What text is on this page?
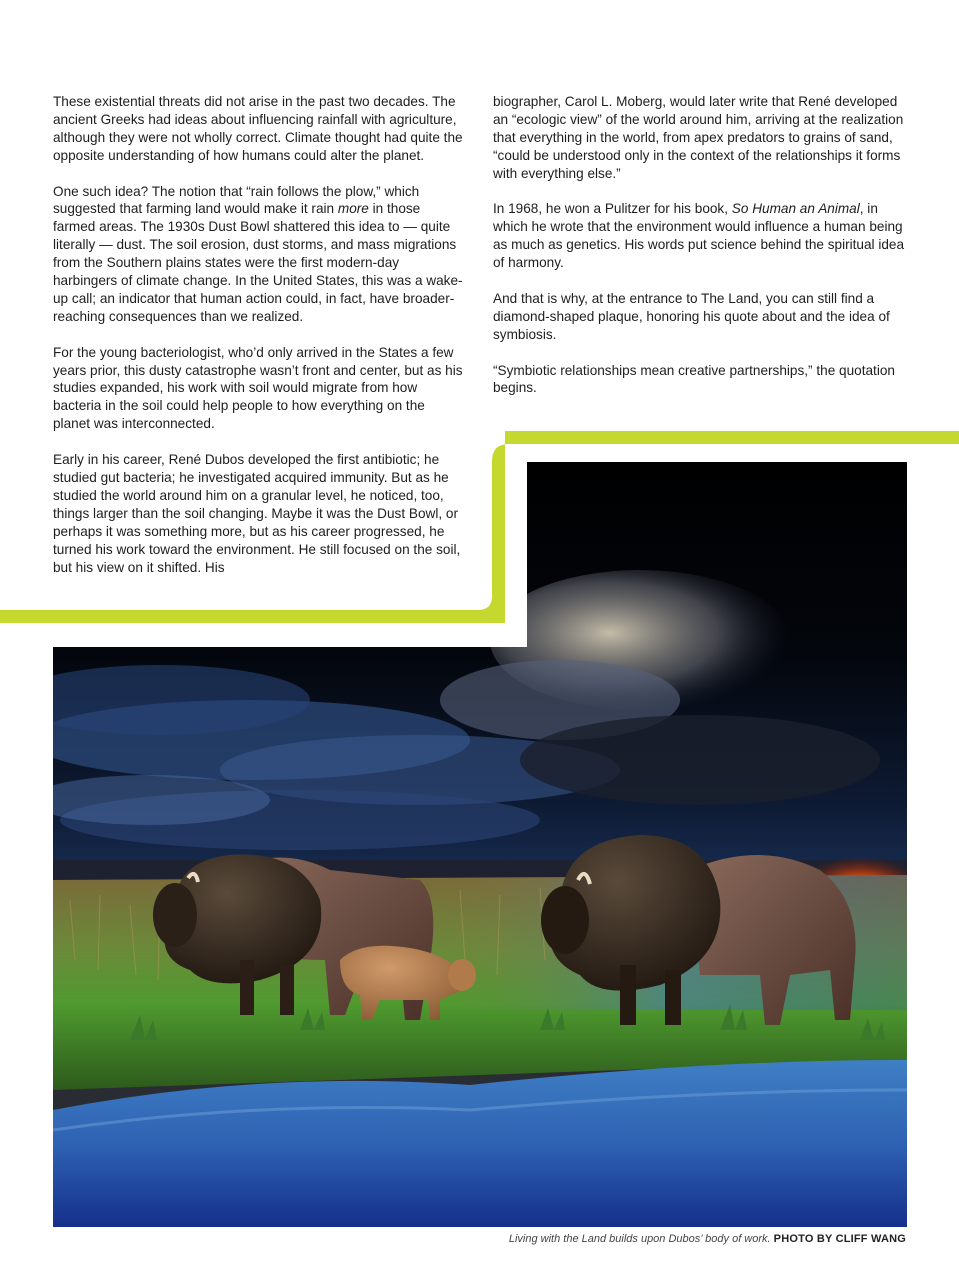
These existential threats did not arise in the past two decades. The ancient Greeks had ideas about influencing rainfall with agriculture, although they were not wholly correct. Climate thought had quite the opposite understanding of how humans could alter the planet.

One such idea? The notion that “rain follows the plow,” which suggested that farming land would make it rain more in those farmed areas. The 1930s Dust Bowl shattered this idea to — quite literally — dust. The soil erosion, dust storms, and mass migrations from the Southern plains states were the first modern-day harbingers of climate change. In the United States, this was a wake-up call; an indicator that human action could, in fact, have broader-reaching consequences than we realized.

For the young bacteriologist, who’d only arrived in the States a few years prior, this dusty catastrophe wasn’t front and center, but as his studies expanded, his work with soil would migrate from how bacteria in the soil could help people to how everything on the planet was interconnected.

Early in his career, René Dubos developed the first antibiotic; he studied gut bacteria; he investigated acquired immunity. But as he studied the world around him on a granular level, he noticed, too, things larger than the soil changing. Maybe it was the Dust Bowl, or perhaps it was something more, but as his career progressed, he turned his work toward the environment. He still focused on the soil, but his view on it shifted. His

biographer, Carol L. Moberg, would later write that René developed an “ecologic view” of the world around him, arriving at the realization that everything in the world, from apex predators to grains of sand, “could be understood only in the context of the relationships it forms with everything else.”

In 1968, he won a Pulitzer for his book, So Human an Animal, in which he wrote that the environment would influence a human being as much as genetics. His words put science behind the spiritual idea of harmony.

And that is why, at the entrance to The Land, you can still find a diamond-shaped plaque, honoring his quote about and the idea of symbiosis.

“Symbiotic relationships mean creative partnerships,” the quotation begins.

Living with the Land builds upon Dubos’ body of work. PHOTO BY CLIFF WANG
